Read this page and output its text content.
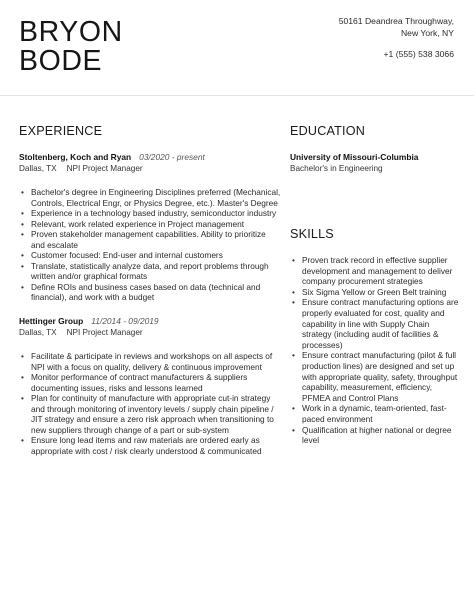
BRYON
BODE
50161 Deandrea Throughway,
New York, NY
+1 (555) 538 3066
EXPERIENCE
Stoltenberg, Koch and Ryan 03/2020 - present
Dallas, TX NPI Project Manager
• Bachelor's degree in Engineering Disciplines preferred (Mechanical, Controls, Electrical Engr, or Physics Degree, etc.). Master's Degree
• Experience in a technology based industry, semiconductor industry
• Relevant, work related experience in Project management
• Proven stakeholder management capabilities. Ability to prioritize and escalate
• Customer focused: End-user and internal customers
• Translate, statistically analyze data, and report problems through written and/or graphical formats
• Define ROIs and business cases based on data (technical and financial), and work with a budget
Hettinger Group 11/2014 - 09/2019
Dallas, TX NPI Project Manager
• Facilitate & participate in reviews and workshops on all aspects of NPI with a focus on quality, delivery & continuous improvement
• Monitor performance of contract manufacturers & suppliers documenting issues, risks and lessons learned
• Plan for continuity of manufacture with appropriate cut-in strategy and through monitoring of inventory levels / supply chain pipeline / JIT strategy and ensure a zero risk approach when transitioning to new suppliers through change of a part or sub-system
• Ensure long lead items and raw materials are ordered early as appropriate with cost / risk clearly understood & communicated
EDUCATION
University of Missouri-Columbia
Bachelor's in Engineering
SKILLS
• Proven track record in effective supplier development and management to deliver company procurement strategies
• Six Sigma Yellow or Green Belt training
• Ensure contract manufacturing options are properly evaluated for cost, quality and capability in line with Supply Chain strategy (including audit of facilities & processes)
• Ensure contract manufacturing (pilot & full production lines) are designed and set up with appropriate quality, safety, throughput capability, measurement, efficiency, PFMEA and Control Plans
• Work in a dynamic, team-oriented, fast-paced environment
• Qualification at higher national or degree level
